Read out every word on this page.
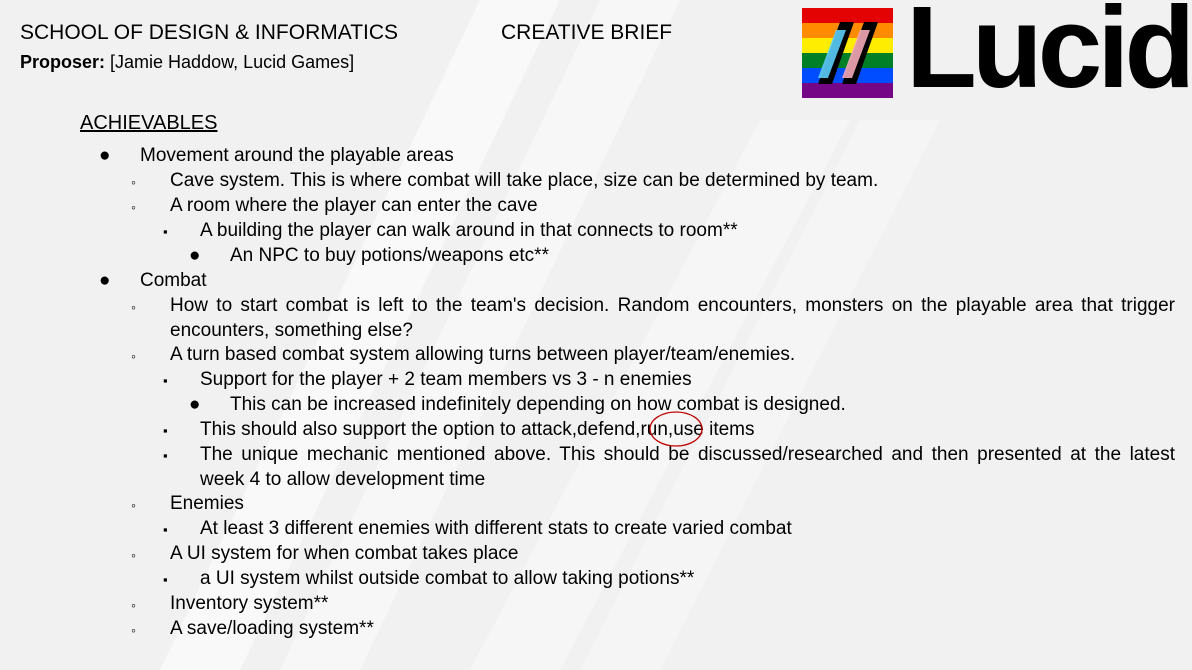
SCHOOL OF DESIGN & INFORMATICS
Proposer: [Jamie Haddow, Lucid Games]
CREATIVE BRIEF Lucid
ACHIEVABLES
● Movement around the playable areas
◦ Cave system. This is where combat will take place, size can be determined by team.
◦ A room where the player can enter the cave
▪ A building the player can walk around in that connects to room**
● An NPC to buy potions/weapons etc**
● Combat
◦ How to start combat is left to the team's decision. Random encounters, monsters on the playable area that trigger encounters, something else?
◦ A turn based combat system allowing turns between player/team/enemies.
▪ Support for the player + 2 team members vs 3 - n enemies
● This can be increased indefinitely depending on how combat is designed.
▪ This should also support the option to attack,defend,run,use items
▪ The unique mechanic mentioned above. This should be discussed/researched and then presented at the latest week 4 to allow development time
◦ Enemies
▪ At least 3 different enemies with different stats to create varied combat
◦ A UI system for when combat takes place
▪ a UI system whilst outside combat to allow taking potions**
◦ Inventory system**
◦ A save/loading system**
